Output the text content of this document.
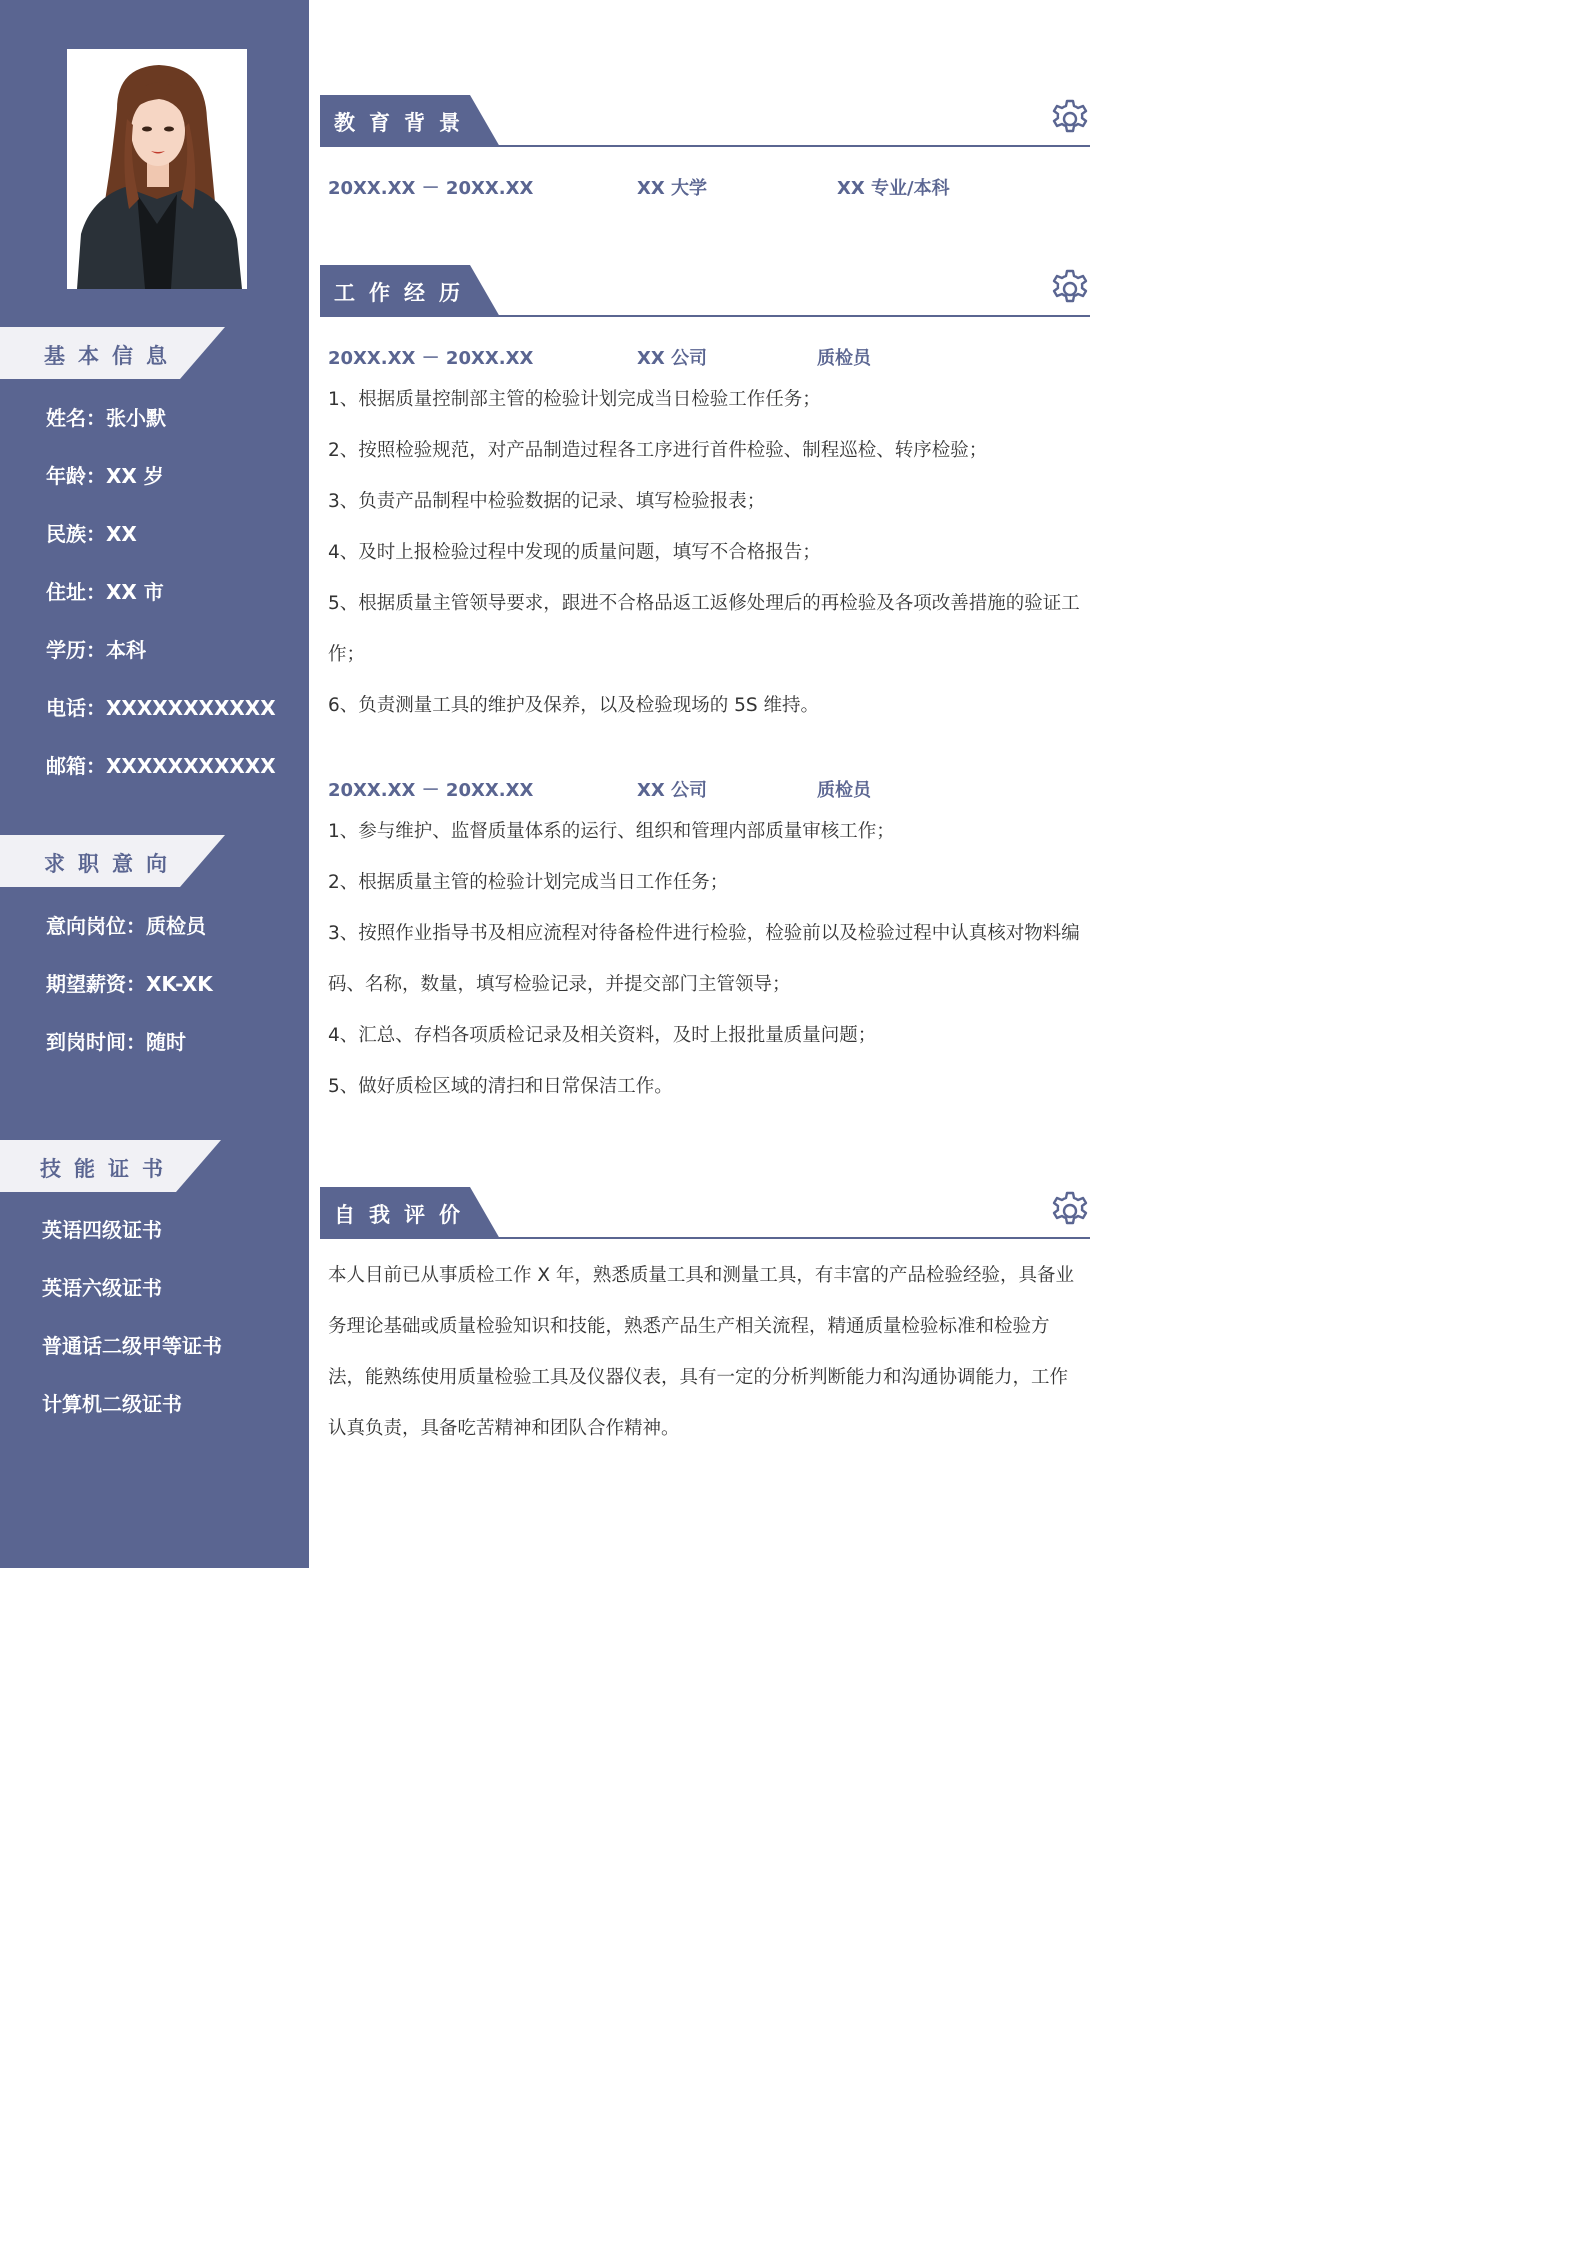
基本信息
姓名：张小默
年龄：XX 岁
民族：XX
住址：XX 市
学历：本科
电话：XXXXXXXXXXX
邮箱：XXXXXXXXXXX
求职意向
意向岗位：质检员
期望薪资：XK-XK
到岗时间：随时
技能证书
英语四级证书
英语六级证书
普通话二级甲等证书
计算机二级证书
教育背景
20XX.XX － 20XX.XX	XX 大学	XX 专业/本科
工作经历
20XX.XX － 20XX.XX	XX 公司	质检员
1、根据质量控制部主管的检验计划完成当日检验工作任务；
2、按照检验规范，对产品制造过程各工序进行首件检验、制程巡检、转序检验；
3、负责产品制程中检验数据的记录、填写检验报表；
4、及时上报检验过程中发现的质量问题，填写不合格报告；
5、根据质量主管领导要求，跟进不合格品返工返修处理后的再检验及各项改善措施的验证工作；
6、负责测量工具的维护及保养，以及检验现场的 5S 维持。
20XX.XX － 20XX.XX	XX 公司	质检员
1、参与维护、监督质量体系的运行、组织和管理内部质量审核工作；
2、根据质量主管的检验计划完成当日工作任务；
3、按照作业指导书及相应流程对待备检件进行检验，检验前以及检验过程中认真核对物料编码、名称，数量，填写检验记录，并提交部门主管领导；
4、汇总、存档各项质检记录及相关资料，及时上报批量质量问题；
5、做好质检区域的清扫和日常保洁工作。
自我评价
本人目前已从事质检工作 X 年，熟悉质量工具和测量工具，有丰富的产品检验经验，具备业务理论基础或质量检验知识和技能，熟悉产品生产相关流程，精通质量检验标准和检验方法，能熟练使用质量检验工具及仪器仪表，具有一定的分析判断能力和沟通协调能力，工作认真负责，具备吃苦精神和团队合作精神。
